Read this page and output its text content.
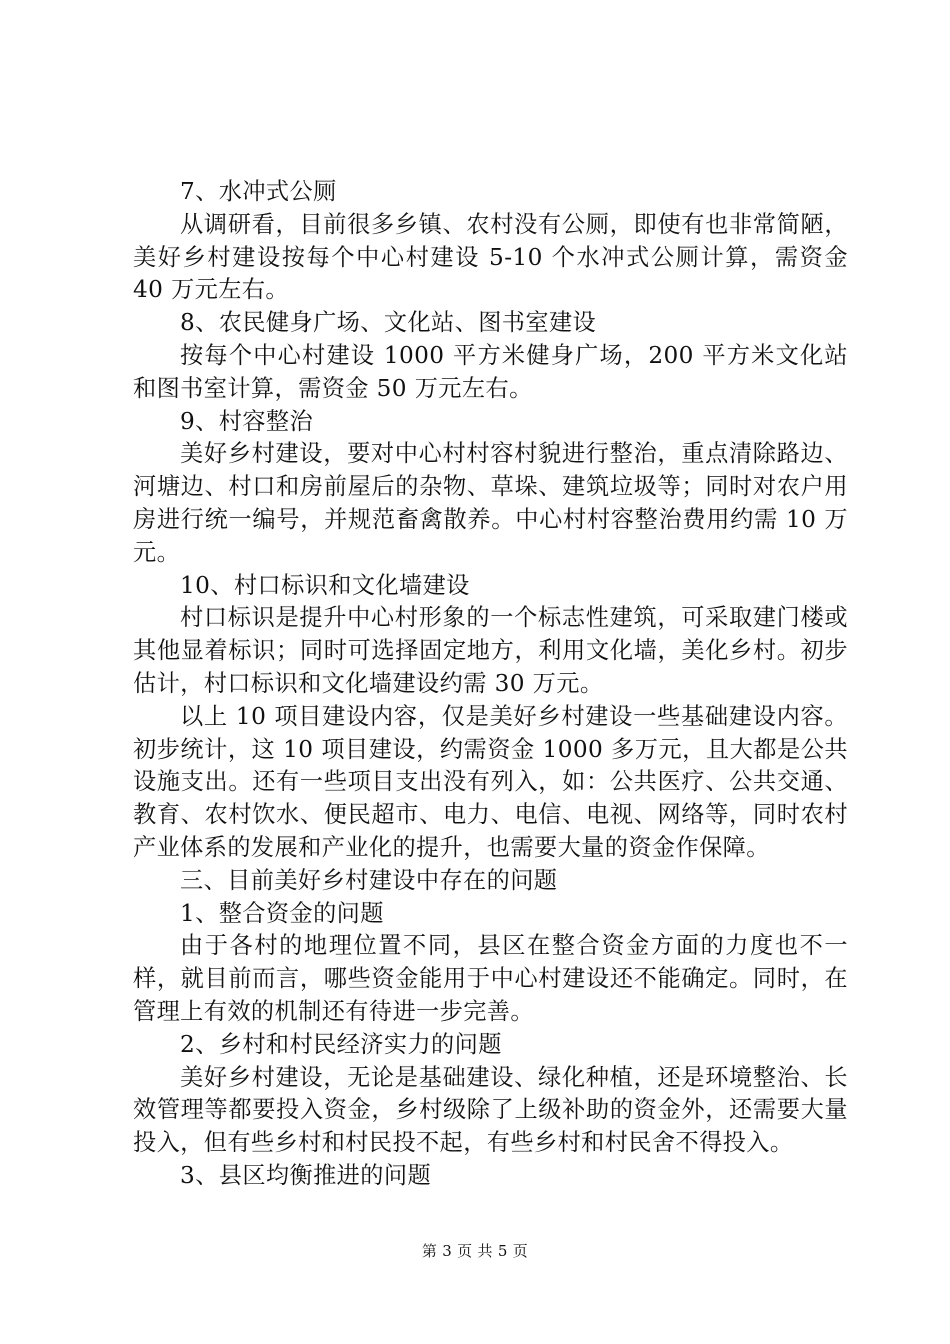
7、水冲式公厕

从调研看，目前很多乡镇、农村没有公厕，即使有也非常简陋，美好乡村建设按每个中心村建设 5-10 个水冲式公厕计算，需资金 40 万元左右。

8、农民健身广场、文化站、图书室建设

按每个中心村建设 1000 平方米健身广场，200 平方米文化站和图书室计算，需资金 50 万元左右。

9、村容整治

美好乡村建设，要对中心村村容村貌进行整治，重点清除路边、河塘边、村口和房前屋后的杂物、草垛、建筑垃圾等；同时对农户用房进行统一编号，并规范畜禽散养。中心村村容整治费用约需 10 万元。

10、村口标识和文化墙建设

村口标识是提升中心村形象的一个标志性建筑，可采取建门楼或其他显着标识；同时可选择固定地方，利用文化墙，美化乡村。初步估计，村口标识和文化墙建设约需 30 万元。

以上 10 项目建设内容，仅是美好乡村建设一些基础建设内容。初步统计，这 10 项目建设，约需资金 1000 多万元，且大都是公共设施支出。还有一些项目支出没有列入，如：公共医疗、公共交通、教育、农村饮水、便民超市、电力、电信、电视、网络等，同时农村产业体系的发展和产业化的提升，也需要大量的资金作保障。

三、目前美好乡村建设中存在的问题

1、整合资金的问题

由于各村的地理位置不同，县区在整合资金方面的力度也不一样，就目前而言，哪些资金能用于中心村建设还不能确定。同时，在管理上有效的机制还有待进一步完善。

2、乡村和村民经济实力的问题

美好乡村建设，无论是基础建设、绿化种植，还是环境整治、长效管理等都要投入资金，乡村级除了上级补助的资金外，还需要大量投入，但有些乡村和村民投不起，有些乡村和村民舍不得投入。

3、县区均衡推进的问题

第 3 页 共 5 页
